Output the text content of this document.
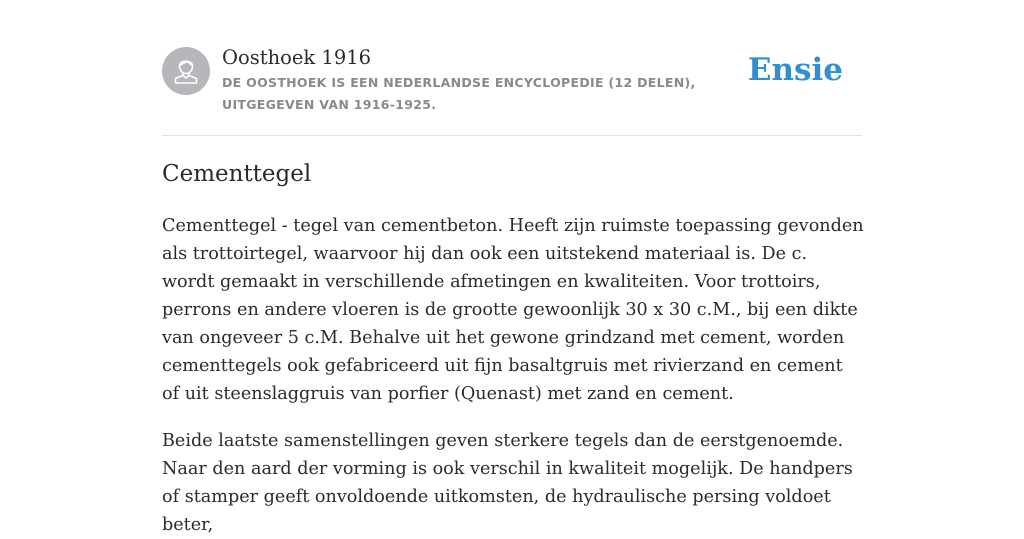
Oosthoek 1916
DE OOSTHOEK IS EEN NEDERLANDSE ENCYCLOPEDIE (12 DELEN), UITGEGEVEN VAN 1916-1925.
Ensie
Cementtegel

Cementtegel - tegel van cementbeton. Heeft zijn ruimste toepassing gevonden als trottoirtegel, waarvoor hij dan ook een uitstekend materiaal is. De c. wordt gemaakt in verschillende afmetingen en kwaliteiten. Voor trottoirs, perrons en andere vloeren is de grootte gewoonlijk 30 x 30 c.M., bij een dikte van ongeveer 5 c.M. Behalve uit het gewone grindzand met cement, worden cementtegels ook gefabriceerd uit fijn basaltgruis met rivierzand en cement of uit steenslaggruis van porfier (Quenast) met zand en cement.

Beide laatste samenstellingen geven sterkere tegels dan de eerstgenoemde. Naar den aard der vorming is ook verschil in kwaliteit mogelijk. De handpers of stamper geeft onvoldoende uitkomsten, de hydraulische persing voldoet beter,
